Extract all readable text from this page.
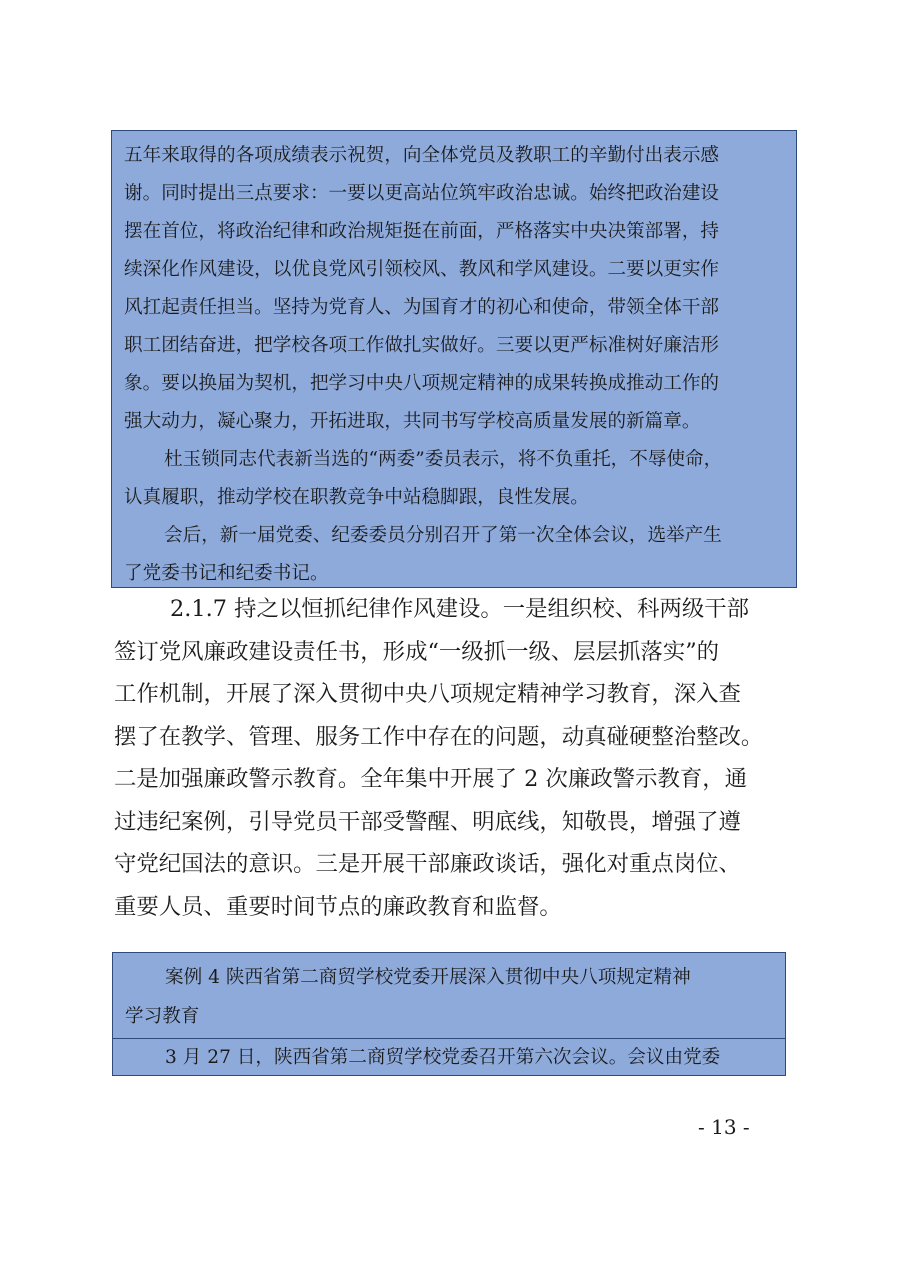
五年来取得的各项成绩表示祝贺，向全体党员及教职工的辛勤付出表示感
谢。同时提出三点要求：一要以更高站位筑牢政治忠诚。始终把政治建设
摆在首位，将政治纪律和政治规矩挺在前面，严格落实中央决策部署，持
续深化作风建设，以优良党风引领校风、教风和学风建设。二要以更实作
风扛起责任担当。坚持为党育人、为国育才的初心和使命，带领全体干部
职工团结奋进，把学校各项工作做扎实做好。三要以更严标准树好廉洁形
象。要以换届为契机，把学习中央八项规定精神的成果转换成推动工作的
强大动力，凝心聚力，开拓进取，共同书写学校高质量发展的新篇章。
杜玉锁同志代表新当选的“两委”委员表示，将不负重托，不辱使命，
认真履职，推动学校在职教竞争中站稳脚跟，良性发展。
会后，新一届党委、纪委委员分别召开了第一次全体会议，选举产生
了党委书记和纪委书记。
2.1.7 持之以恒抓纪律作风建设。一是组织校、科两级干部
签订党风廉政建设责任书，形成“一级抓一级、层层抓落实”的
工作机制，开展了深入贯彻中央八项规定精神学习教育，深入查
摆了在教学、管理、服务工作中存在的问题，动真碰硬整治整改。
二是加强廉政警示教育。全年集中开展了 2 次廉政警示教育，通
过违纪案例，引导党员干部受警醒、明底线，知敬畏，增强了遵
守党纪国法的意识。三是开展干部廉政谈话，强化对重点岗位、
重要人员、重要时间节点的廉政教育和监督。
案例 4 陕西省第二商贸学校党委开展深入贯彻中央八项规定精神
学习教育
3 月 27 日，陕西省第二商贸学校党委召开第六次会议。会议由党委
- 13 -
